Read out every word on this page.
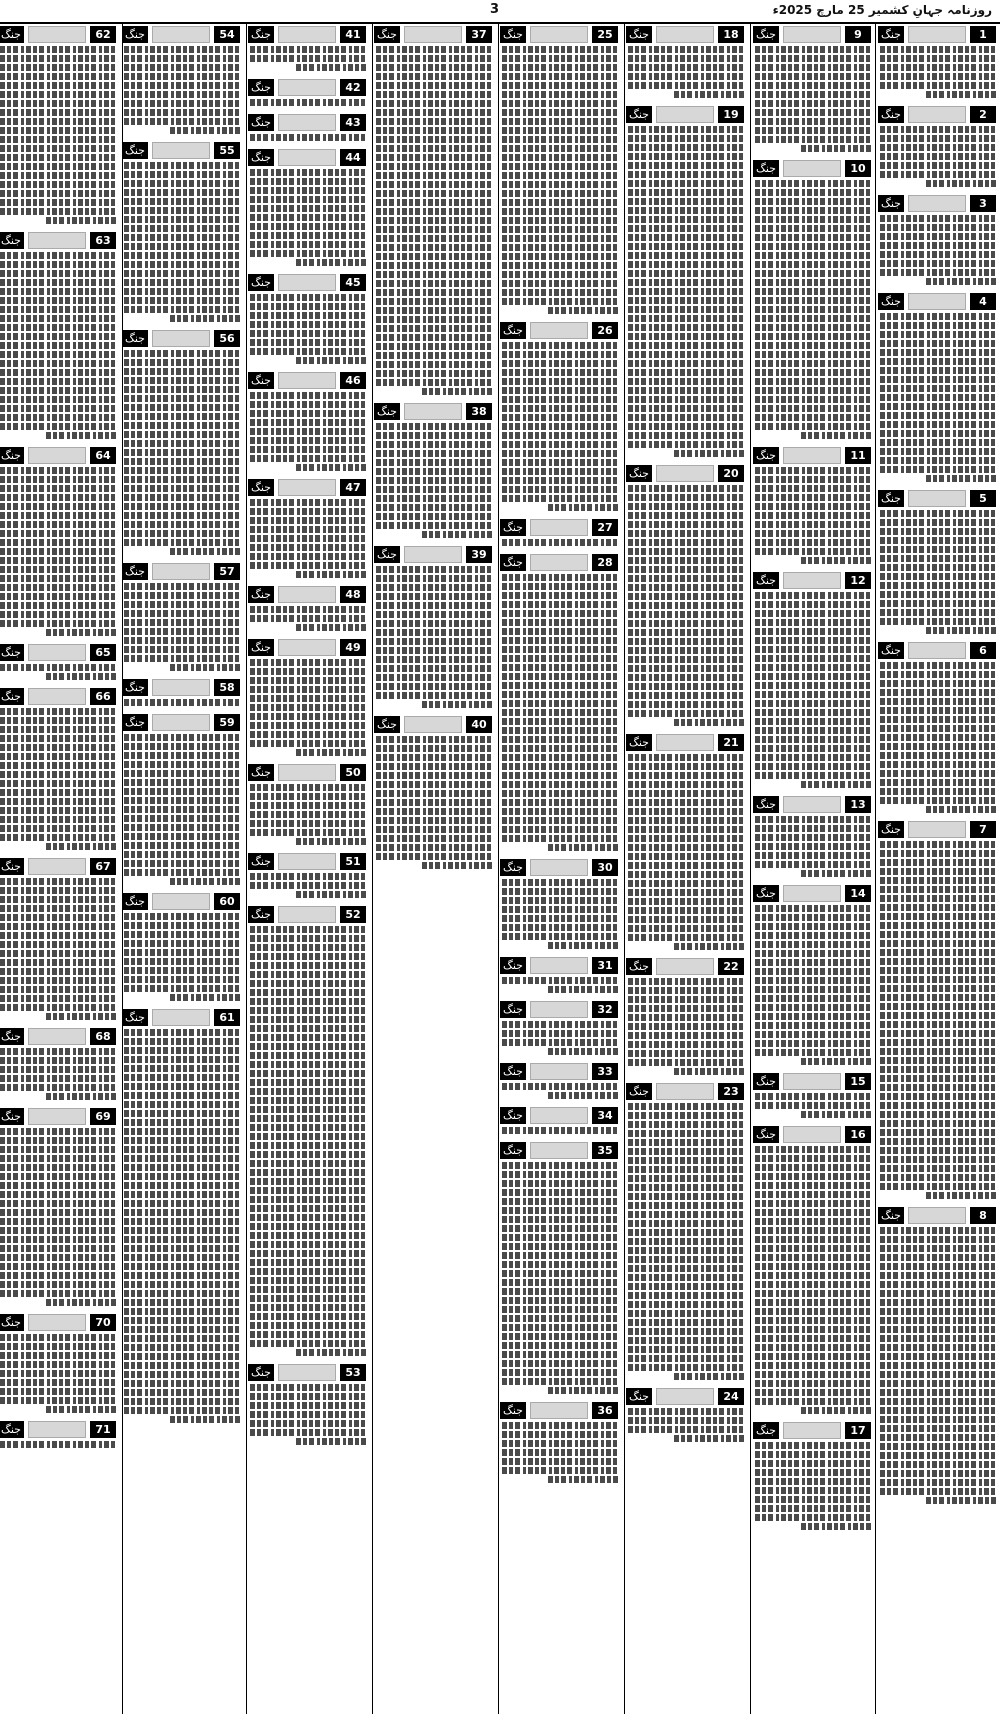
3	روزنامہ جہانِ کشمیر 25 مارچ 2025ء
جنگ	1
جنگ	2
جنگ	3
جنگ	4
جنگ	5
جنگ	6
جنگ	7
جنگ	8
جنگ	9
جنگ	10
جنگ	11
جنگ	12
جنگ	13
جنگ	14
جنگ	15
جنگ	16
جنگ	17
جنگ	18
جنگ	19
جنگ	20
جنگ	21
جنگ	22
جنگ	23
جنگ	24
جنگ	25
جنگ	26
جنگ	27
جنگ	28
جنگ	30
جنگ	31
جنگ	32
جنگ	33
جنگ	34
جنگ	35
جنگ	36
جنگ	37
جنگ	38
جنگ	39
جنگ	40
جنگ	41
جنگ	42
جنگ	43
جنگ	44
جنگ	45
جنگ	46
جنگ	47
جنگ	48
جنگ	49
جنگ	50
جنگ	51
جنگ	52
جنگ	53
جنگ	54
جنگ	55
جنگ	56
جنگ	57
جنگ	58
جنگ	59
جنگ	60
جنگ	61
جنگ	62
جنگ	63
جنگ	64
جنگ	65
جنگ	66
جنگ	67
جنگ	68
جنگ	69
جنگ	70
جنگ	71
